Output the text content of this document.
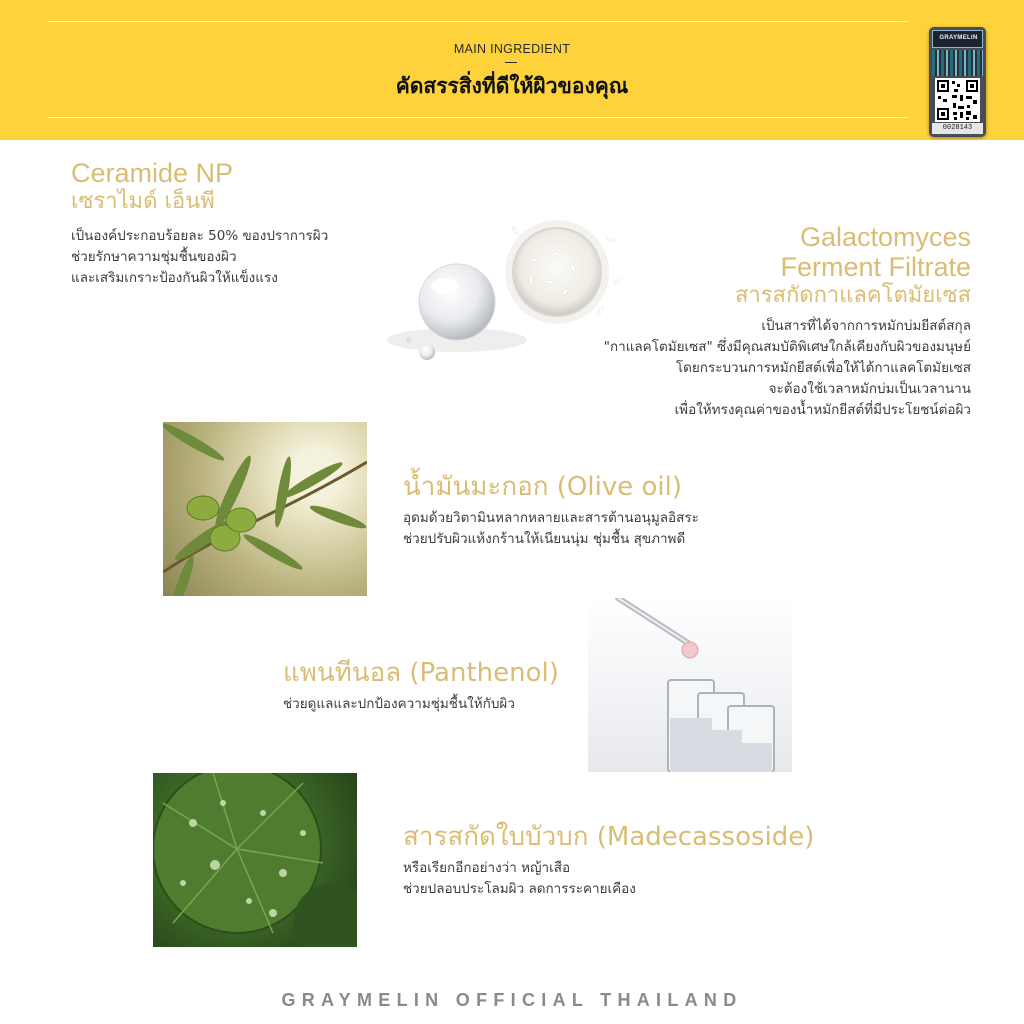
MAIN INGREDIENT
คัดสรรสิ่งที่ดีให้ผิวของคุณ
GRAYMELIN
0028143
Ceramide NP
เซราไมด์ เอ็นพี
เป็นองค์ประกอบร้อยละ 50% ของปราการผิว
ช่วยรักษาความชุ่มชื้นของผิว
และเสริมเกราะป้องกันผิวให้แข็งแรง
Galactomyces
Ferment Filtrate
สารสกัดกาแลคโตมัยเซส
เป็นสารที่ได้จากการหมักบ่มยีสต์สกุล
"กาแลคโตมัยเซส" ซึ่งมีคุณสมบัติพิเศษใกล้เคียงกับผิวของมนุษย์
โดยกระบวนการหมักยีสต์เพื่อให้ได้กาแลคโตมัยเซส
จะต้องใช้เวลาหมักบ่มเป็นเวลานาน
เพื่อให้ทรงคุณค่าของน้ำหมักยีสต์ที่มีประโยชน์ต่อผิว
น้ำมันมะกอก (Olive oil)
อุดมด้วยวิตามินหลากหลายและสารต้านอนุมูลอิสระ
ช่วยปรับผิวแห้งกร้านให้เนียนนุ่ม ชุ่มชื้น สุขภาพดี
แพนทีนอล (Panthenol)
ช่วยดูแลและปกป้องความชุ่มชื้นให้กับผิว
สารสกัดใบบัวบก (Madecassoside)
หรือเรียกอีกอย่างว่า หญ้าเสือ
ช่วยปลอบประโลมผิว ลดการระคายเคือง
GRAYMELIN OFFICIAL THAILAND
